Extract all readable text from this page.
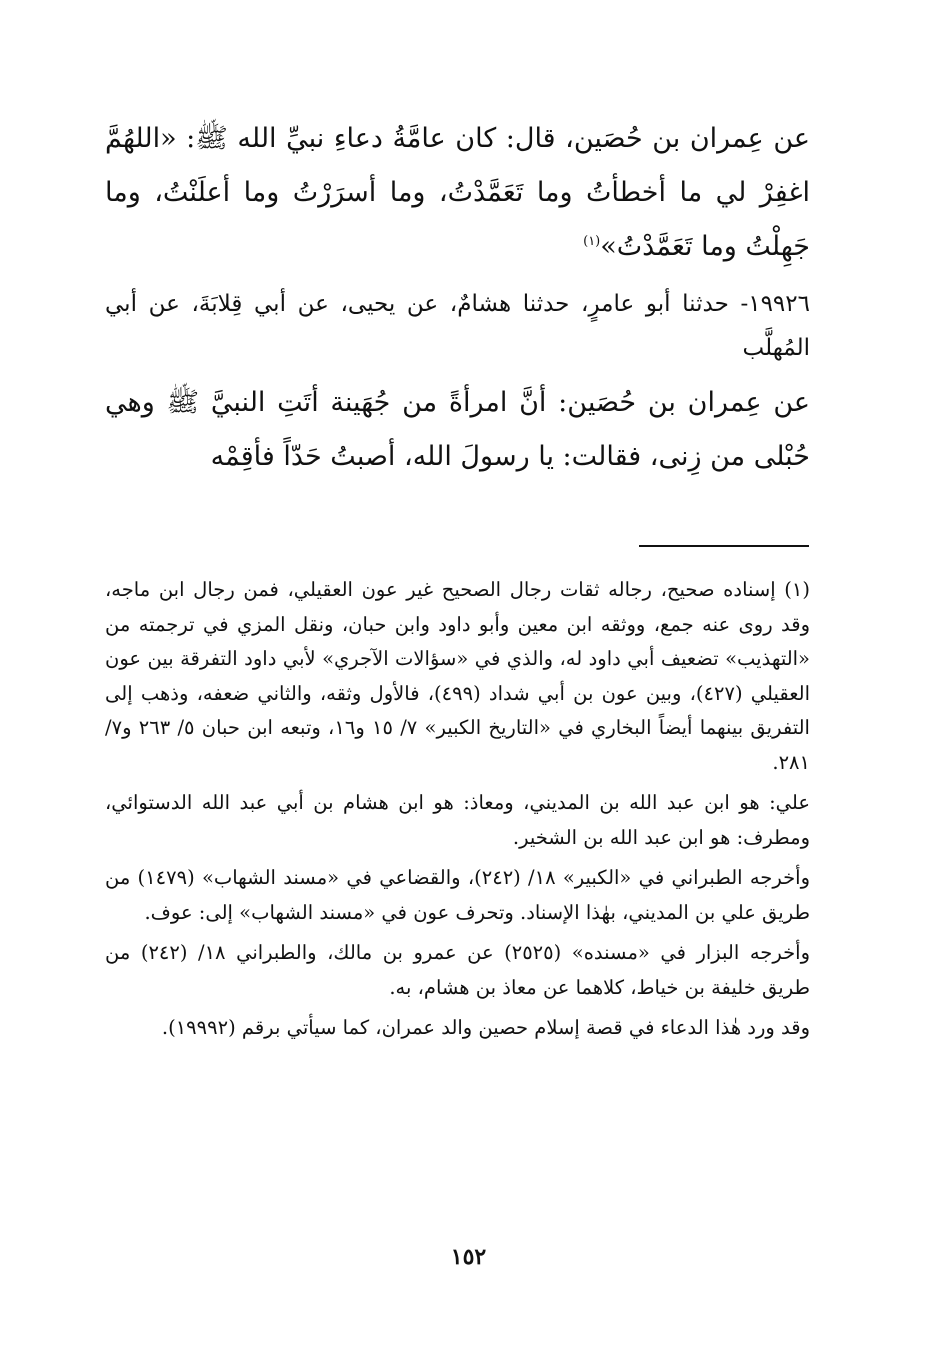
عن عِمران بن حُصَين، قال: كان عامَّةُ دعاءِ نبيِّ الله ﷺ: «اللهُمَّ اغفِرْ لي ما أخطأتُ وما تَعَمَّدْتُ، وما أسرَرْتُ وما أعلَنْتُ، وما جَهِلْتُ وما تَعَمَّدْتُ»$^{(١)}$

١٩٩٢٦- حدثنا أبو عامرٍ، حدثنا هشامٌ، عن يحيى، عن أبي قِلابَةَ، عن أبي المُهلَّب

عن عِمران بن حُصَين: أنَّ امرأةً من جُهَينة أتَتِ النبيَّ ﷺ وهي حُبْلى من زِنى، فقالت: يا رسولَ الله، أصبتُ حَدّاً فأقِمْه

(١) إسناده صحيح، رجاله ثقات رجال الصحيح غير عون العقيلي، فمن رجال ابن ماجه، وقد روى عنه جمع، ووثقه ابن معين وأبو داود وابن حبان، ونقل المزي في ترجمته من «التهذيب» تضعيف أبي داود له، والذي في «سؤالات الآجري» لأبي داود التفرقة بين عون العقيلي (٤٢٧)، وبين عون بن أبي شداد (٤٩٩)، فالأول وثقه، والثاني ضعفه، وذهب إلى التفريق بينهما أيضاً البخاري في «التاريخ الكبير» ٧/ ١٥ و١٦، وتبعه ابن حبان ٥/ ٢٦٣ و٧/ ٢٨١.

علي: هو ابن عبد الله بن المديني، ومعاذ: هو ابن هشام بن أبي عبد الله الدستوائي، ومطرف: هو ابن عبد الله بن الشخير.

وأخرجه الطبراني في «الكبير» ١٨/ (٢٤٢)، والقضاعي في «مسند الشهاب» (١٤٧٩) من طريق علي بن المديني، بهٰذا الإسناد. وتحرف عون في «مسند الشهاب» إلى: عوف.

وأخرجه البزار في «مسنده» (٢٥٢٥) عن عمرو بن مالك، والطبراني ١٨/ (٢٤٢) من طريق خليفة بن خياط، كلاهما عن معاذ بن هشام، به.

وقد ورد هٰذا الدعاء في قصة إسلام حصين والد عمران، كما سيأتي برقم (١٩٩٩٢).

١٥٢
